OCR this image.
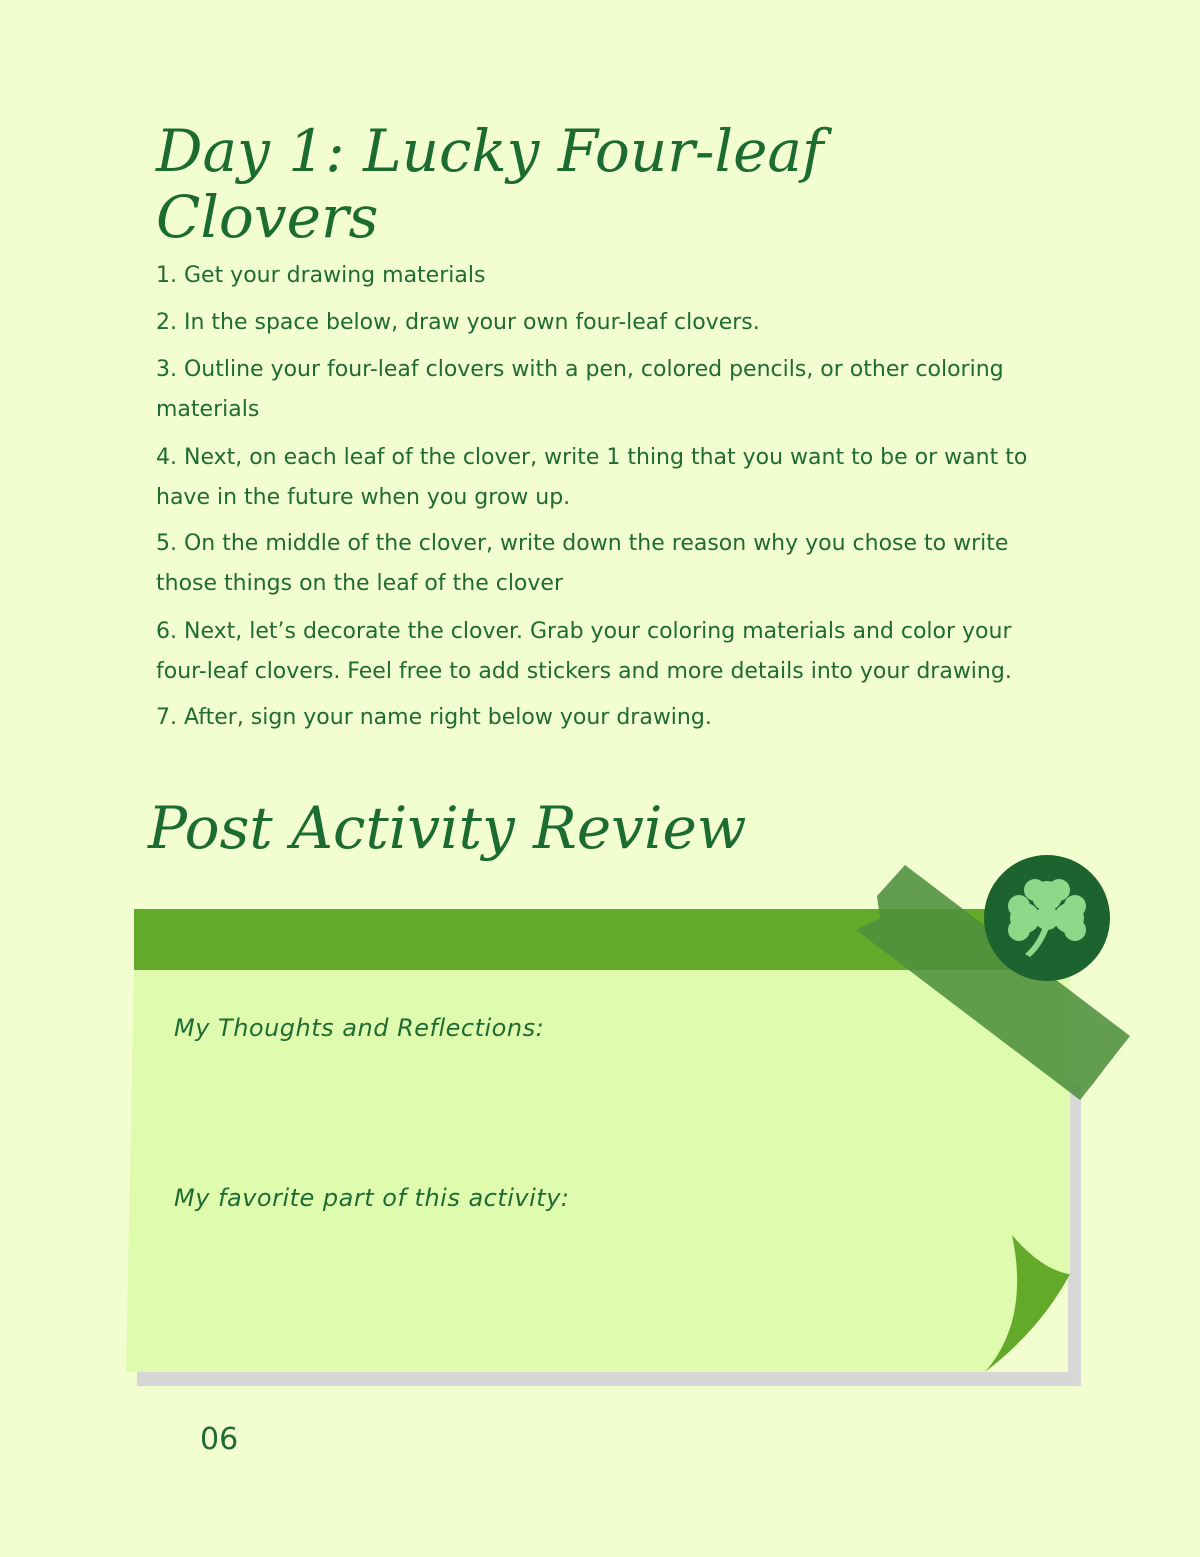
Day 1: Lucky Four-leaf Clovers
1. Get your drawing materials
2. In the space below, draw your own four-leaf clovers.
3. Outline your four-leaf clovers with a pen, colored pencils, or other coloring materials
4. Next, on each leaf of the clover, write 1 thing that you want to be or want to have in the future when you grow up.
5. On the middle of the clover, write down the reason why you chose to write those things on the leaf of the clover
6. Next, let’s decorate the clover. Grab your coloring materials and color your four-leaf clovers. Feel free to add stickers and more details into your drawing.
7. After, sign your name right below your drawing.
Post Activity Review
My Thoughts and Reflections:
My favorite part of this activity:
06
